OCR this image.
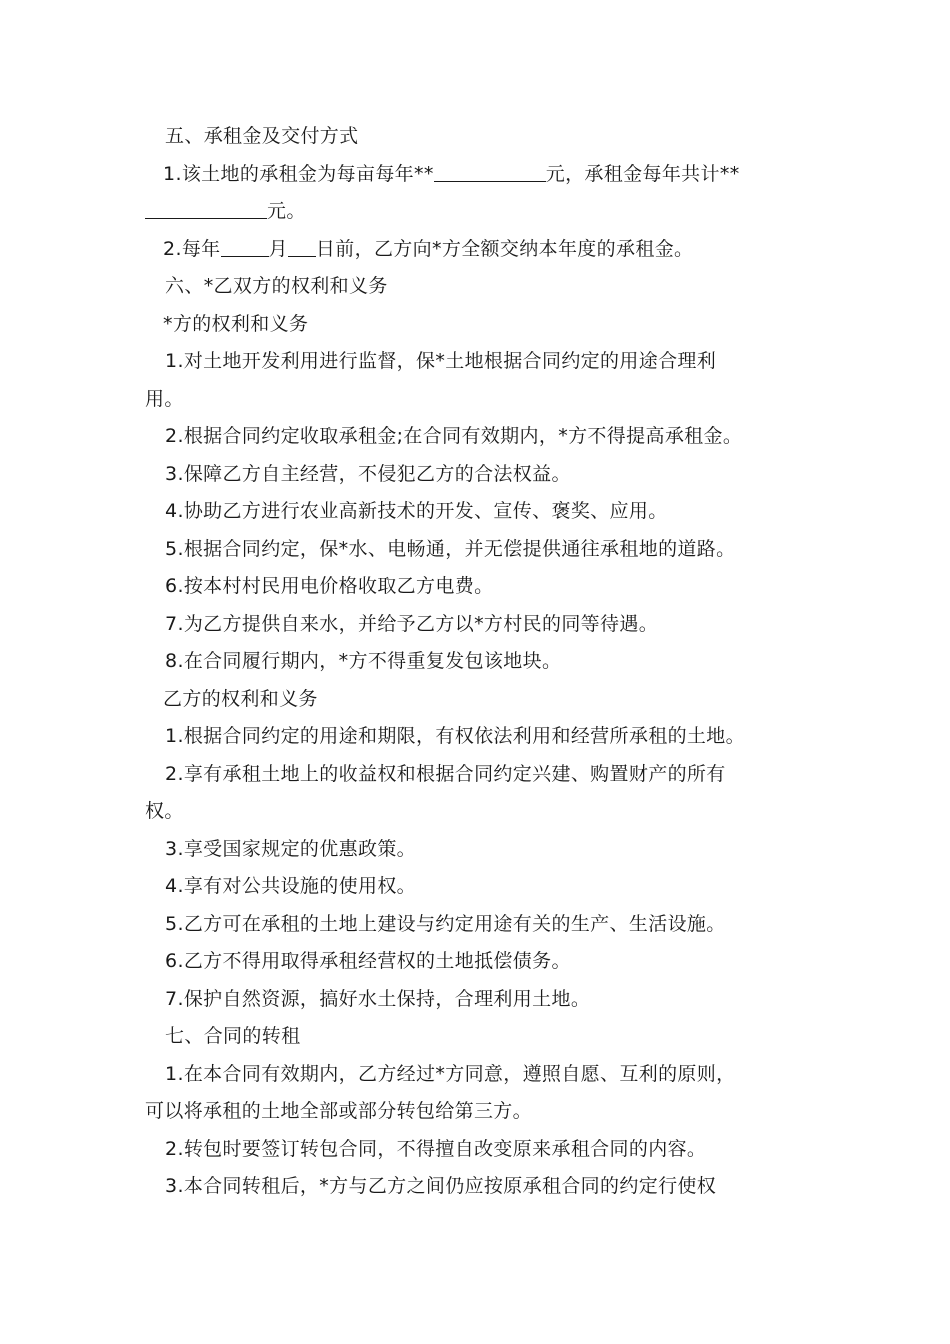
五、承租金及交付方式
1.该土地的承租金为每亩每年**	元，承租金每年共计**
元。
2.每年	月 日前，乙方向*方全额交纳本年度的承租金。
六、*乙双方的权利和义务
*方的权利和义务
1.对土地开发利用进行监督，保*土地根据合同约定的用途合理利
用。
2.根据合同约定收取承租金;在合同有效期内，*方不得提高承租金。
3.保障乙方自主经营，不侵犯乙方的合法权益。
4.协助乙方进行农业高新技术的开发、宣传、褒奖、应用。
5.根据合同约定，保*水、电畅通，并无偿提供通往承租地的道路。
6.按本村村民用电价格收取乙方电费。
7.为乙方提供自来水，并给予乙方以*方村民的同等待遇。
8.在合同履行期内，*方不得重复发包该地块。
乙方的权利和义务
1.根据合同约定的用途和期限，有权依法利用和经营所承租的土地。
2.享有承租土地上的收益权和根据合同约定兴建、购置财产的所有
权。
3.享受国家规定的优惠政策。
4.享有对公共设施的使用权。
5.乙方可在承租的土地上建设与约定用途有关的生产、生活设施。
6.乙方不得用取得承租经营权的土地抵偿债务。
7.保护自然资源，搞好水土保持，合理利用土地。
七、合同的转租
1.在本合同有效期内，乙方经过*方同意，遵照自愿、互利的原则，
可以将承租的土地全部或部分转包给第三方。
2.转包时要签订转包合同，不得擅自改变原来承租合同的内容。
3.本合同转租后，*方与乙方之间仍应按原承租合同的约定行使权
